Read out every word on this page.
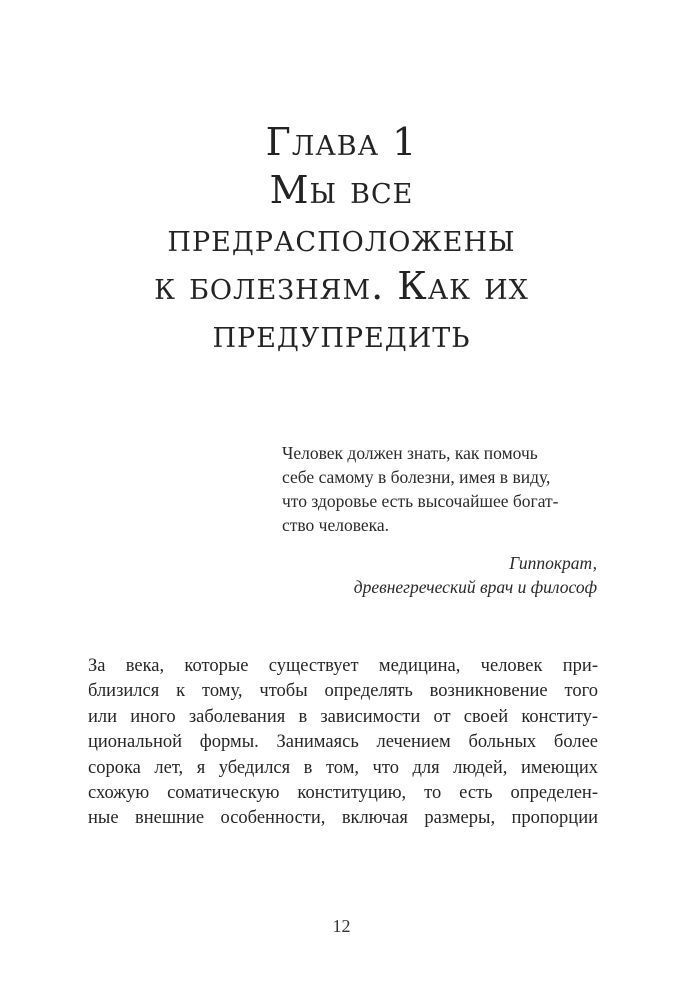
Глава 1
Мы все
предрасположены
к болезням. Как их
предупредить
Человек должен знать, как помочь
себе самому в болезни, имея в виду,
что здоровье есть высочайшее богат-
ство человека.
Гиппократ,
древнегреческий врач и философ
За века, которые существует медицина, человек при-
близился к тому, чтобы определять возникновение того
или иного заболевания в зависимости от своей конститу-
циональной формы. Занимаясь лечением больных более
сорока лет, я убедился в том, что для людей, имеющих
схожую соматическую конституцию, то есть определен-
ные внешние особенности, включая размеры, пропорции
12
